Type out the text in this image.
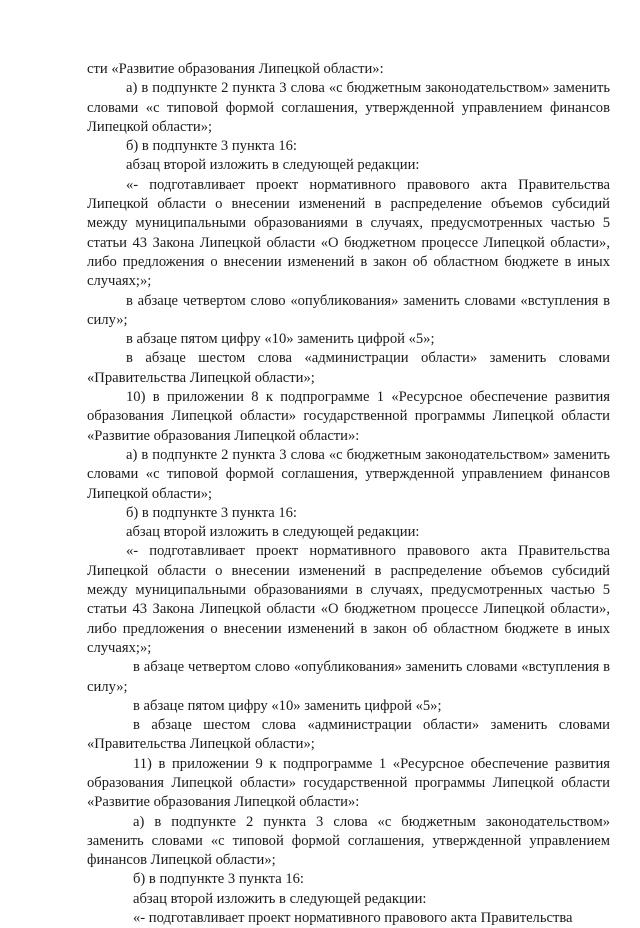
сти «Развитие образования Липецкой области»:

а) в подпункте 2 пункта 3 слова «с бюджетным законодательством» заменить словами «с типовой формой соглашения, утвержденной управлением финансов Липецкой области»;

б) в подпункте 3 пункта 16:

абзац второй изложить в следующей редакции:

«- подготавливает проект нормативного правового акта Правительства Липецкой области о внесении изменений в распределение объемов субсидий между муниципальными образованиями в случаях, предусмотренных частью 5 статьи 43 Закона Липецкой области «О бюджетном процессе Липецкой области», либо предложения о внесении изменений в закон об областном бюджете в иных случаях;»;

в абзаце четвертом слово «опубликования» заменить словами «вступления в силу»;

в абзаце пятом цифру «10» заменить цифрой «5»;

в абзаце шестом слова «администрации области» заменить словами «Правительства Липецкой области»;

10) в приложении 8 к подпрограмме 1 «Ресурсное обеспечение развития образования Липецкой области» государственной программы Липецкой области «Развитие образования Липецкой области»:

а) в подпункте 2 пункта 3 слова «с бюджетным законодательством» заменить словами «с типовой формой соглашения, утвержденной управлением финансов Липецкой области»;

б) в подпункте 3 пункта 16:

абзац второй изложить в следующей редакции:

«- подготавливает проект нормативного правового акта Правительства Липецкой области о внесении изменений в распределение объемов субсидий между муниципальными образованиями в случаях, предусмотренных частью 5 статьи 43 Закона Липецкой области «О бюджетном процессе Липецкой области», либо предложения о внесении изменений в закон об областном бюджете в иных случаях;»;

в абзаце четвертом слово «опубликования» заменить словами «вступления в силу»;

в абзаце пятом цифру «10» заменить цифрой «5»;

в абзаце шестом слова «администрации области» заменить словами «Правительства Липецкой области»;

11) в приложении 9 к подпрограмме 1 «Ресурсное обеспечение развития образования Липецкой области» государственной программы Липецкой области «Развитие образования Липецкой области»:

а) в подпункте 2 пункта 3 слова «с бюджетным законодательством» заменить словами «с типовой формой соглашения, утвержденной управлением финансов Липецкой области»;

б) в подпункте 3 пункта 16:

абзац второй изложить в следующей редакции:

«- подготавливает проект нормативного правового акта Правительства
